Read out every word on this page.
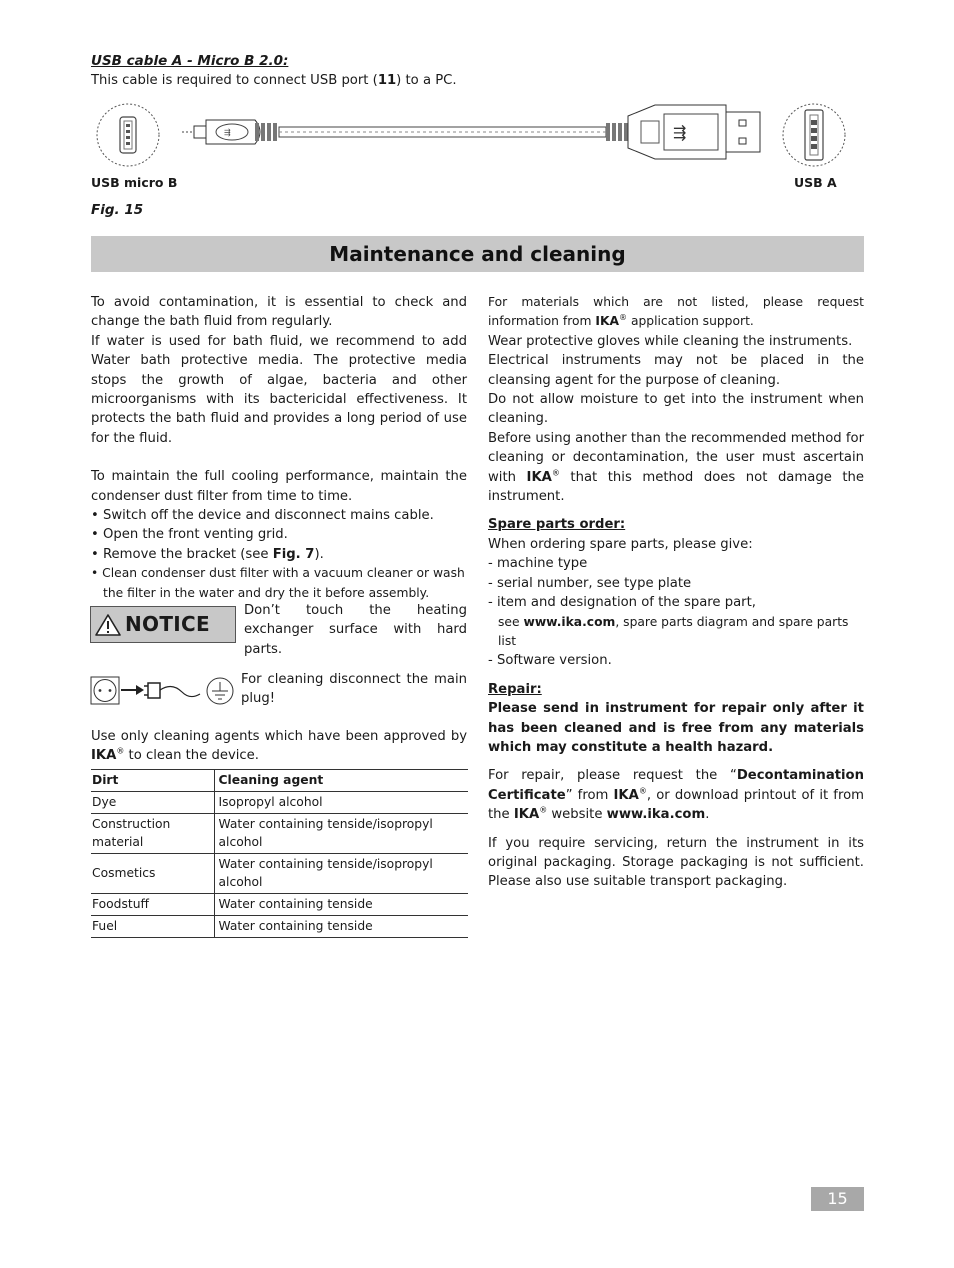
USB cable A - Micro B 2.0:
This cable is required to connect USB port (11) to a PC.
⇶	⇶
USB micro B	USB A
Fig. 15
Maintenance and cleaning

To avoid contamination, it is essential to check and change the bath fluid from regularly.

If water is used for bath fluid, we recommend to add Water bath protective media. The protective media stops the growth of algae, bacteria and other microorganisms with its bactericidal effectiveness. It protects the bath fluid and provides a long period of use for the fluid.

To maintain the full cooling performance, maintain the condenser dust filter from time to time.

• Switch off the device and disconnect mains cable.

• Open the front venting grid.

• Remove the bracket (see Fig. 7).

• Clean condenser dust filter with a vacuum cleaner or wash the filter in the water and dry the it before assembly.

NOTICE
Don’t touch the heating exchanger surface with hard parts.
For cleaning disconnect the main plug!
Use only cleaning agents which have been approved by IKA® to clean the device.
Dirt	Cleaning agent
Dye	Isopropyl alcohol
Construction material	Water containing tenside/isopropyl alcohol
Cosmetics	Water containing tenside/isopropyl alcohol
Foodstuff	Water containing tenside
Fuel	Water containing tenside

For materials which are not listed, please request information from IKA® application support.

Wear protective gloves while cleaning the instruments.

Electrical instruments may not be placed in the cleansing agent for the purpose of cleaning.

Do not allow moisture to get into the instrument when cleaning.

Before using another than the recommended method for cleaning or decontamination, the user must ascertain with IKA® that this method does not damage the instrument.

Spare parts order:

When ordering spare parts, please give:

- machine type

- serial number, see type plate

- item and designation of the spare part,

see www.ika.com, spare parts diagram and spare parts list

- Software version.

Repair:

Please send in instrument for repair only after it has been cleaned and is free from any materials which may constitute a health hazard.

For repair, please request the “Decontamination Certificate” from IKA®, or download printout of it from the IKA® website www.ika.com.

If you require servicing, return the instrument in its original packaging. Storage packaging is not sufficient. Please also use suitable transport packaging.

15
